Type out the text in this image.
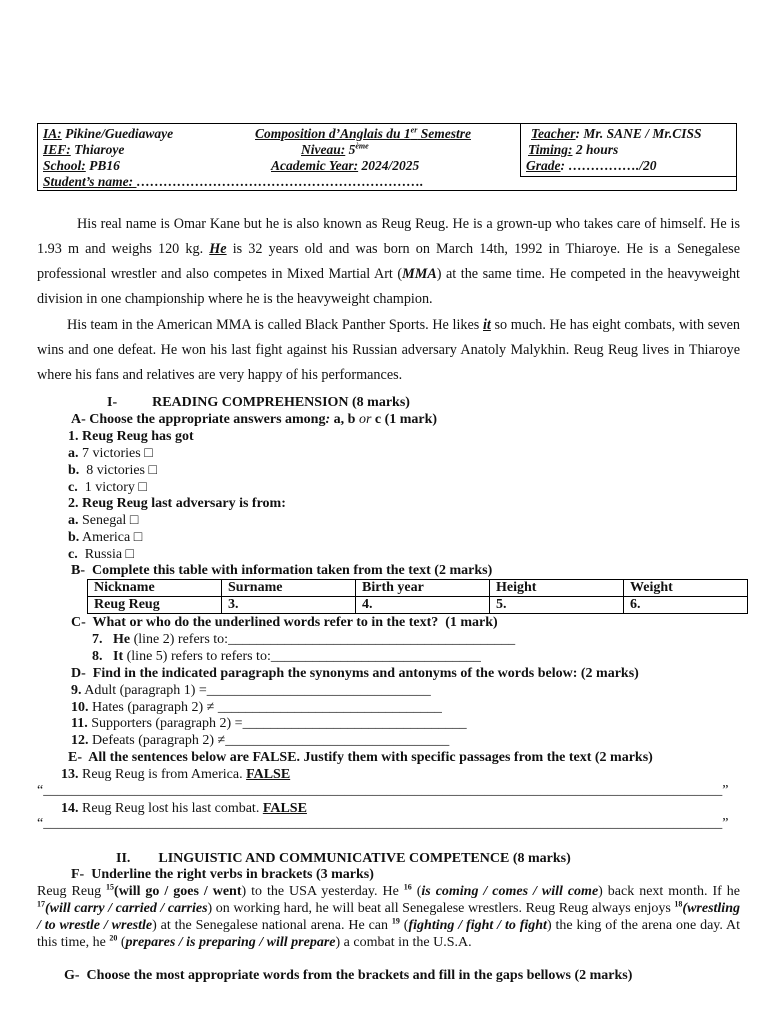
IA: Pikine/Guediawaye
IEF: Thiaroye
School: PB16
Student’s name: ……………………………………………………….
Composition d’Anglais du 1er Semestre
Niveau: 5ème
Academic Year: 2024/2025
Teacher: Mr. SANE / Mr.CISS
Timing: 2 hours
Grade: ……………./20
His real name is Omar Kane but he is also known as Reug Reug. He is a grown-up who takes care of himself. He is 1.93 m and weighs 120 kg. He is 32 years old and was born on March 14th, 1992 in Thiaroye. He is a Senegalese professional wrestler and also competes in Mixed Martial Art (MMA) at the same time. He competed in the heavyweight division in one championship where he is the heavyweight champion.
His team in the American MMA is called Black Panther Sports. He likes it so much. He has eight combats, with seven wins and one defeat. He won his last fight against his Russian adversary Anatoly Malykhin. Reug Reug lives in Thiaroye where his fans and relatives are very happy of his performances.
I-          READING COMPREHENSION (8 marks)
A- Choose the appropriate answers among: a, b or c (1 mark)
1. Reug Reug has got
a. 7 victories □
b.  8 victories □
c.  1 victory □
2. Reug Reug last adversary is from:
a. Senegal □
b. America □
c.  Russia □
B-  Complete this table with information taken from the text (2 marks)
Nickname	Surname	Birth year	Height	Weight
Reug Reug	3.	4.	5.	6.
C-  What or who do the underlined words refer to in the text?  (1 mark)
7.   He (line 2) refers to:_________________________________________
8.   It (line 5) refers to refers to:______________________________
D-  Find in the indicated paragraph the synonyms and antonyms of the words below: (2 marks)
9. Adult (paragraph 1) =________________________________
10. Hates (paragraph 2) ≠ ________________________________
11. Supporters (paragraph 2) =________________________________
12. Defeats (paragraph 2) ≠________________________________
E-  All the sentences below are FALSE. Justify them with specific passages from the text (2 marks)
13. Reug Reug is from America. FALSE
“_________________________________________________________________________________________________”
14. Reug Reug lost his last combat. FALSE
“_________________________________________________________________________________________________”
II.        LINGUISTIC AND COMMUNICATIVE COMPETENCE (8 marks)
F-  Underline the right verbs in brackets (3 marks)
Reug Reug $^{15}$(will go / goes / went) to the USA yesterday. He $^{16}$ (is coming / comes / will come) back next month. If he $^{17}$(will carry / carried / carries) on working hard, he will beat all Senegalese wrestlers. Reug Reug always enjoys $^{18}$(wrestling / to wrestle / wrestle) at the Senegalese national arena. He can $^{19}$ (fighting / fight / to fight) the king of the arena one day. At this time, he $^{20}$ (prepares / is preparing / will prepare) a combat in the U.S.A.
G-  Choose the most appropriate words from the brackets and fill in the gaps bellows (2 marks)
